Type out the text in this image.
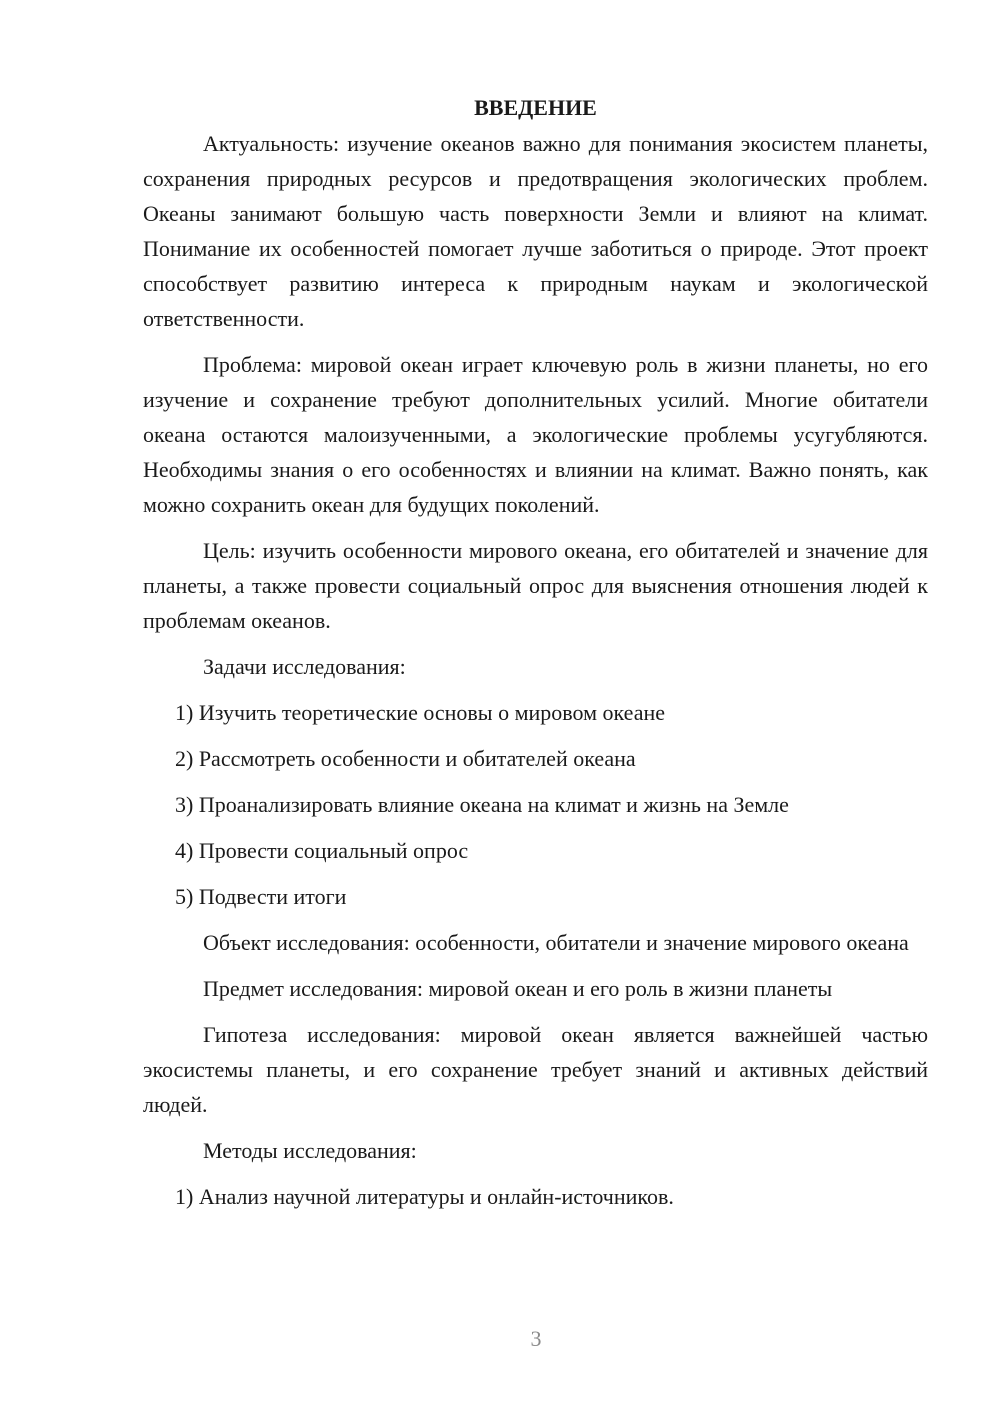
ВВЕДЕНИЕ

Актуальность: изучение океанов важно для понимания экосистем планеты, сохранения природных ресурсов и предотвращения экологических проблем. Океаны занимают большую часть поверхности Земли и влияют на климат. Понимание их особенностей помогает лучше заботиться о природе. Этот проект способствует развитию интереса к природным наукам и экологической ответственности.

Проблема: мировой океан играет ключевую роль в жизни планеты, но его изучение и сохранение требуют дополнительных усилий. Многие обитатели океана остаются малоизученными, а экологические проблемы усугубляются. Необходимы знания о его особенностях и влиянии на климат. Важно понять, как можно сохранить океан для будущих поколений.

Цель: изучить особенности мирового океана, его обитателей и значение для планеты, а также провести социальный опрос для выяснения отношения людей к проблемам океанов.

Задачи исследования:

1) Изучить теоретические основы о мировом океане
2) Рассмотреть особенности и обитателей океана
3) Проанализировать влияние океана на климат и жизнь на Земле
4) Провести социальный опрос
5) Подвести итоги

Объект исследования: особенности, обитатели и значение мирового океана

Предмет исследования: мировой океан и его роль в жизни планеты

Гипотеза исследования: мировой океан является важнейшей частью экосистемы планеты, и его сохранение требует знаний и активных действий людей.

Методы исследования:

1) Анализ научной литературы и онлайн-источников.
3
